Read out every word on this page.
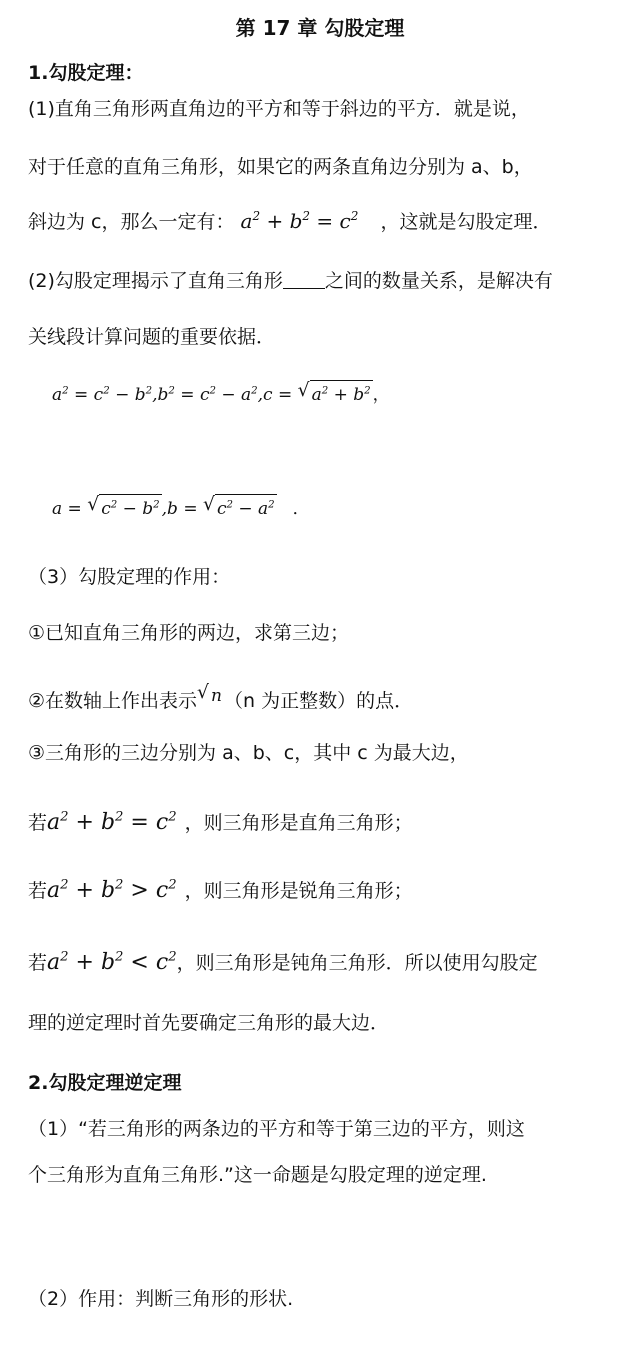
第 17 章 勾股定理
1.勾股定理：
(1)直角三角形两直角边的平方和等于斜边的平方．就是说，
对于任意的直角三角形，如果它的两条直角边分别为 a、b，
斜边为 c，那么一定有： $a^2 + b^2 = c^2$ ，这就是勾股定理．
(2)勾股定理揭示了直角三角形 之间的数量关系，是解决有
关线段计算问题的重要依据．
$a^2 = c^2 - b^2,b^2 = c^2 - a^2,c$ = √ $a^2 + b^2$ ，
a = √ $c^2 - b^2$ ,b = √ $c^2 - a^2$ ．
（3）勾股定理的作用：
①已知直角三角形的两边，求第三边；
②在数轴上作出表示√ n （n 为正整数）的点．
③三角形的三边分别为 a、b、c，其中 c 为最大边，
若$a^2 + b^2 = c^2$ ，则三角形是直角三角形；
若$a^2 + b^2 > c^2$ ，则三角形是锐角三角形；
若$a^2 + b^2 < c^2$，则三角形是钝角三角形．所以使用勾股定
理的逆定理时首先要确定三角形的最大边．
2.勾股定理逆定理
（1）“若三角形的两条边的平方和等于第三边的平方，则这
个三角形为直角三角形.”这一命题是勾股定理的逆定理.
（2）作用：判断三角形的形状.
